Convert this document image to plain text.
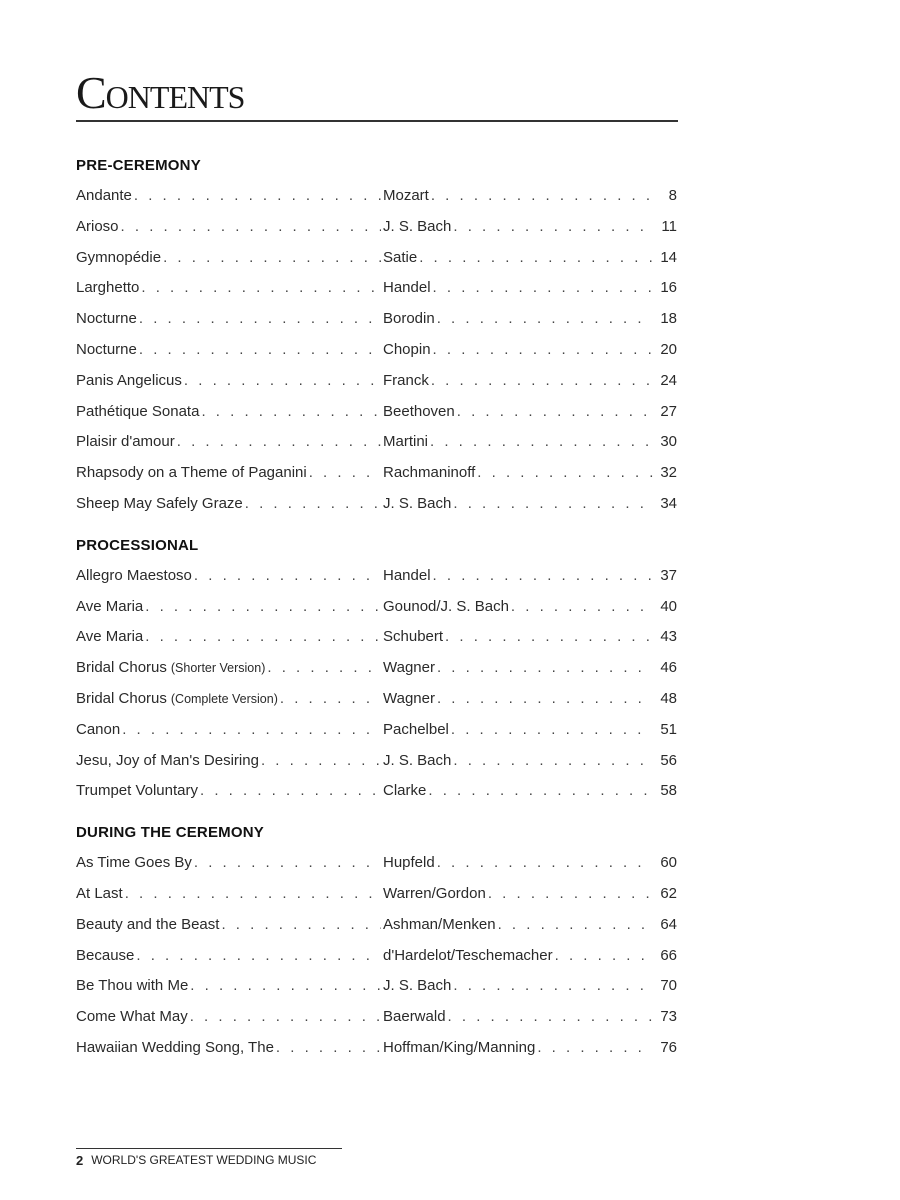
Contents
PRE-CEREMONY
Andante . . .	Mozart . . .	8
Arioso . . .	J. S. Bach . . .	11
Gymnopédie . . .	Satie . . .	14
Larghetto . . .	Handel . . .	16
Nocturne . . .	Borodin . . .	18
Nocturne . . .	Chopin . . .	20
Panis Angelicus . . .	Franck . . .	24
Pathétique Sonata . . .	Beethoven . . .	27
Plaisir d'amour . . .	Martini . . .	30
Rhapsody on a Theme of Paganini . . .	Rachmaninoff . . .	32
Sheep May Safely Graze . . .	J. S. Bach . . .	34
PROCESSIONAL
Allegro Maestoso . . .	Handel . . .	37
Ave Maria . . .	Gounod/J. S. Bach . . .	40
Ave Maria . . .	Schubert . . .	43
Bridal Chorus (Shorter Version) . . .	Wagner . . .	46
Bridal Chorus (Complete Version) . . .	Wagner . . .	48
Canon . . .	Pachelbel . . .	51
Jesu, Joy of Man's Desiring . . .	J. S. Bach . . .	56
Trumpet Voluntary . . .	Clarke . . .	58
DURING THE CEREMONY
As Time Goes By . . .	Hupfeld . . .	60
At Last . . .	Warren/Gordon . . .	62
Beauty and the Beast . . .	Ashman/Menken . . .	64
Because . . .	d'Hardelot/Teschemacher . . .	66
Be Thou with Me . . .	J. S. Bach . . .	70
Come What May . . .	Baerwald . . .	73
Hawaiian Wedding Song, The . . .	Hoffman/King/Manning . . .	76
2 WORLD'S GREATEST WEDDING MUSIC
